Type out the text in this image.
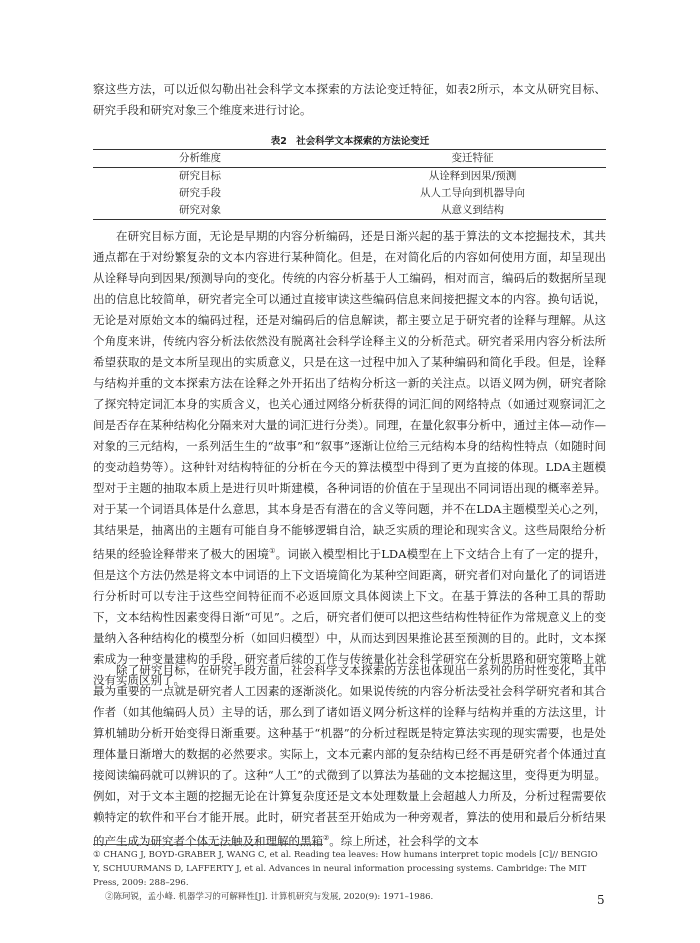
察这些方法，可以近似勾勒出社会科学文本探索的方法论变迁特征，如表2所示，本文从研究目标、研究手段和研究对象三个维度来进行讨论。

表2　社会科学文本探索的方法论变迁
分析维度	变迁特征
研究目标	从诠释到因果/预测
研究手段	从人工导向到机器导向
研究对象	从意义到结构

在研究目标方面，无论是早期的内容分析编码，还是日渐兴起的基于算法的文本挖掘技术，其共通点都在于对纷繁复杂的文本内容进行某种简化。但是，在对简化后的内容如何使用方面，却呈现出从诠释导向到因果/预测导向的变化。传统的内容分析基于人工编码，相对而言，编码后的数据所呈现出的信息比较简单，研究者完全可以通过直接审读这些编码信息来间接把握文本的内容。换句话说，无论是对原始文本的编码过程，还是对编码后的信息解读，都主要立足于研究者的诠释与理解。从这个角度来讲，传统内容分析法依然没有脱离社会科学诠释主义的分析范式。研究者采用内容分析法所希望获取的是文本所呈现出的实质意义，只是在这一过程中加入了某种编码和简化手段。但是，诠释与结构并重的文本探索方法在诠释之外开拓出了结构分析这一新的关注点。以语义网为例，研究者除了探究特定词汇本身的实质含义，也关心通过网络分析获得的词汇间的网络特点（如通过观察词汇之间是否存在某种结构化分隔来对大量的词汇进行分类）。同理，在量化叙事分析中，通过主体—动作—对象的三元结构，一系列活生生的“故事”和“叙事”逐渐让位给三元结构本身的结构性特点（如随时间的变动趋势等）。这种针对结构特征的分析在今天的算法模型中得到了更为直接的体现。LDA主题模型对于主题的抽取本质上是进行贝叶斯建模，各种词语的价值在于呈现出不同词语出现的概率差异。对于某一个词语具体是什么意思，其本身是否有潜在的含义等问题，并不在LDA主题模型关心之列，其结果是，抽离出的主题有可能自身不能够逻辑自洽，缺乏实质的理论和现实含义。这些局限给分析结果的经验诠释带来了极大的困境①。词嵌入模型相比于LDA模型在上下文结合上有了一定的提升，但是这个方法仍然是将文本中词语的上下文语境简化为某种空间距离，研究者们对向量化了的词语进行分析时可以专注于这些空间特征而不必返回原文具体阅读上下文。在基于算法的各种工具的帮助下，文本结构性因素变得日渐“可见”。之后，研究者们便可以把这些结构性特征作为常规意义上的变量纳入各种结构化的模型分析（如回归模型）中，从而达到因果推论甚至预测的目的。此时，文本探索成为一种变量建构的手段，研究者后续的工作与传统量化社会科学研究在分析思路和研究策略上就没有实质区别了。

除了研究目标，在研究手段方面，社会科学文本探索的方法也体现出一系列的历时性变化，其中最为重要的一点就是研究者人工因素的逐渐淡化。如果说传统的内容分析法受社会科学研究者和其合作者（如其他编码人员）主导的话，那么到了诸如语义网分析这样的诠释与结构并重的方法这里，计算机辅助分析开始变得日渐重要。这种基于“机器”的分析过程既是特定算法实现的现实需要，也是处理体量日渐增大的数据的必然要求。实际上，文本元素内部的复杂结构已经不再是研究者个体通过直接阅读编码就可以辨识的了。这种“人工”的式微到了以算法为基础的文本挖掘这里，变得更为明显。例如，对于文本主题的挖掘无论在计算复杂度还是文本处理数量上会超越人力所及，分析过程需要依赖特定的软件和平台才能开展。此时，研究者甚至开始成为一种旁观者，算法的使用和最后分析结果的产生成为研究者个体无法触及和理解的黑箱②。综上所述，社会科学的文本

① CHANG J, BOYD-GRABER J, WANG C, et al. Reading tea leaves: How humans interpret topic models [C]// BENGIO Y, SCHUURMANS D, LAFFERTY J, et al. Advances in neural information processing systems. Cambridge: The MIT Press, 2009: 288–296.

②陈珂锐，孟小峰. 机器学习的可解释性[J]. 计算机研究与发展, 2020(9): 1971–1986.	5
